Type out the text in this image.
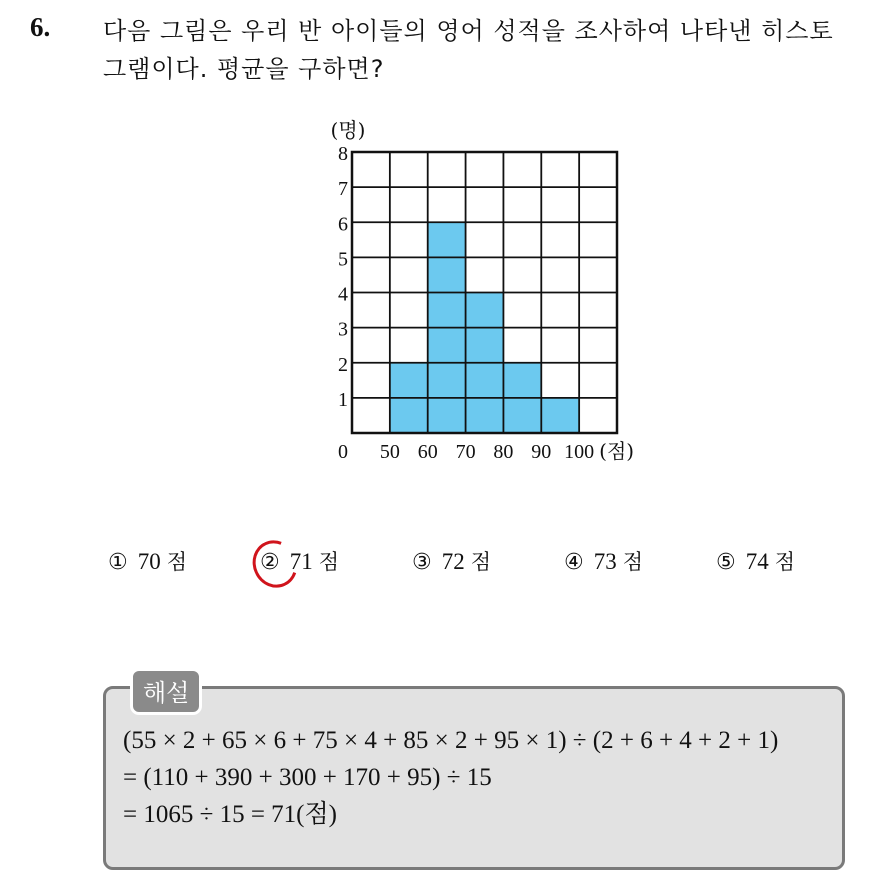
6. 다음 그림은 우리 반 아이들의 영어 성적을 조사하여 나타낸 히스토
그램이다. 평균을 구하면?
1
2
3
4
5
6
7
8
50 60 70 80 90 100
0
(명)
(점)
① 70 점	② 71 점	③ 72 점	④ 73 점	⑤ 74 점
해설
(55 × 2 + 65 × 6 + 75 × 4 + 85 × 2 + 95 × 1) ÷ (2 + 6 + 4 + 2 + 1)
= (110 + 390 + 300 + 170 + 95) ÷ 15
= 1065 ÷ 15 = 71(점)
